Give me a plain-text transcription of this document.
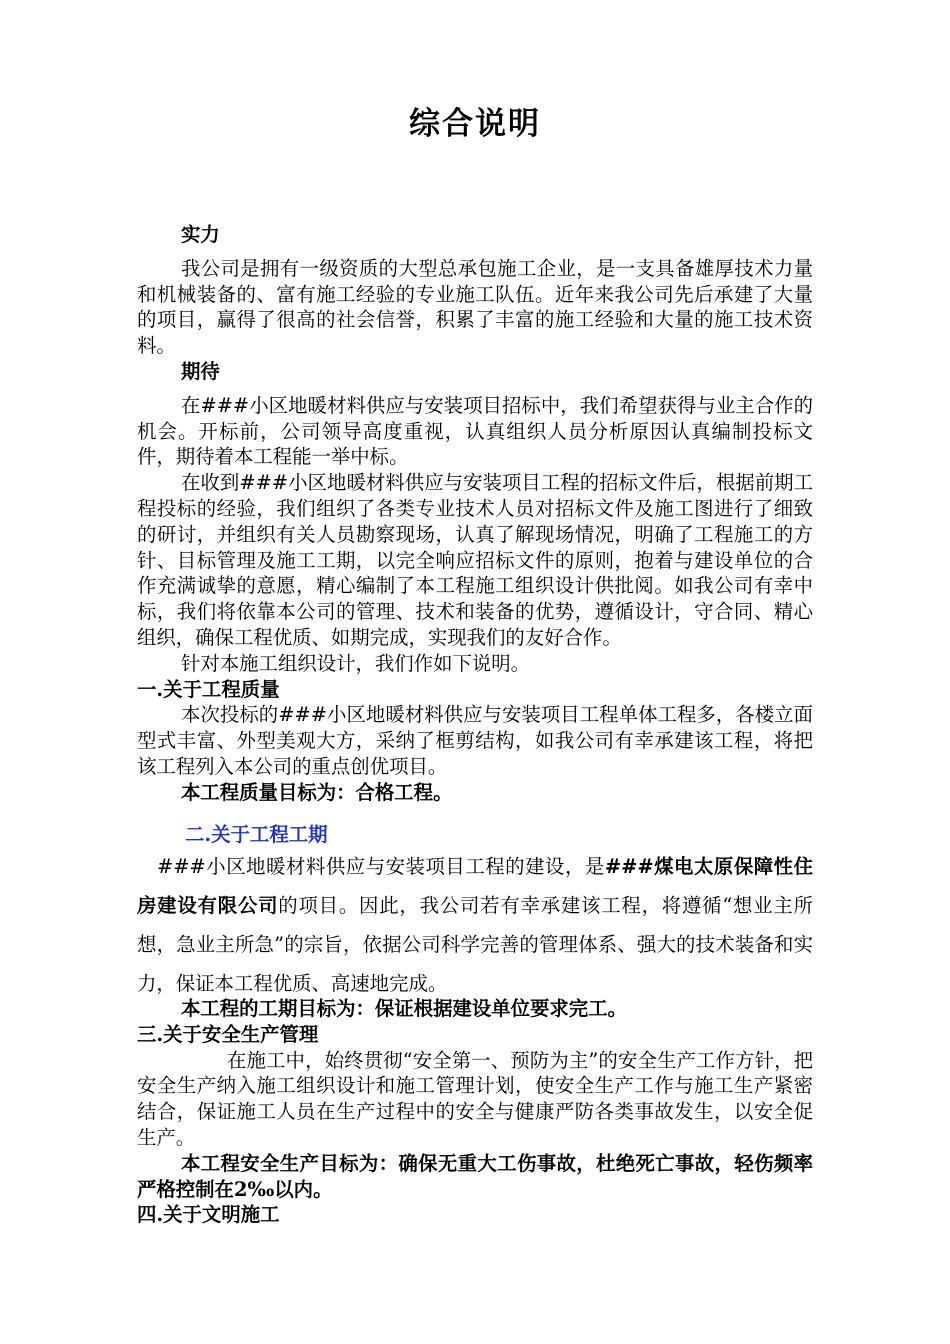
综合说明

实力

我公司是拥有一级资质的大型总承包施工企业，是一支具备雄厚技术力量和机械装备的、富有施工经验的专业施工队伍。近年来我公司先后承建了大量的项目，赢得了很高的社会信誉，积累了丰富的施工经验和大量的施工技术资料。

期待

在###小区地暖材料供应与安装项目招标中，我们希望获得与业主合作的机会。开标前，公司领导高度重视，认真组织人员分析原因认真编制投标文件，期待着本工程能一举中标。

在收到###小区地暖材料供应与安装项目工程的招标文件后，根据前期工程投标的经验，我们组织了各类专业技术人员对招标文件及施工图进行了细致的研讨，并组织有关人员勘察现场，认真了解现场情况，明确了工程施工的方针、目标管理及施工工期，以完全响应招标文件的原则，抱着与建设单位的合作充满诚挚的意愿，精心编制了本工程施工组织设计供批阅。如我公司有幸中标，我们将依靠本公司的管理、技术和装备的优势，遵循设计，守合同、精心组织，确保工程优质、如期完成，实现我们的友好合作。

针对本施工组织设计，我们作如下说明。

一.关于工程质量

本次投标的###小区地暖材料供应与安装项目工程单体工程多，各楼立面型式丰富、外型美观大方，采纳了框剪结构，如我公司有幸承建该工程，将把该工程列入本公司的重点创优项目。

本工程质量目标为：合格工程。

二.关于工程工期

###小区地暖材料供应与安装项目工程的建设，是###煤电太原保障性住房建设有限公司的项目。因此，我公司若有幸承建该工程，将遵循“想业主所想，急业主所急”的宗旨，依据公司科学完善的管理体系、强大的技术装备和实力，保证本工程优质、高速地完成。

本工程的工期目标为：保证根据建设单位要求完工。

三.关于安全生产管理

在施工中，始终贯彻“安全第一、预防为主”的安全生产工作方针，把安全生产纳入施工组织设计和施工管理计划，使安全生产工作与施工生产紧密结合，保证施工人员在生产过程中的安全与健康严防各类事故发生，以安全促生产。

本工程安全生产目标为：确保无重大工伤事故，杜绝死亡事故，轻伤频率严格控制在2‰以内。

四.关于文明施工
